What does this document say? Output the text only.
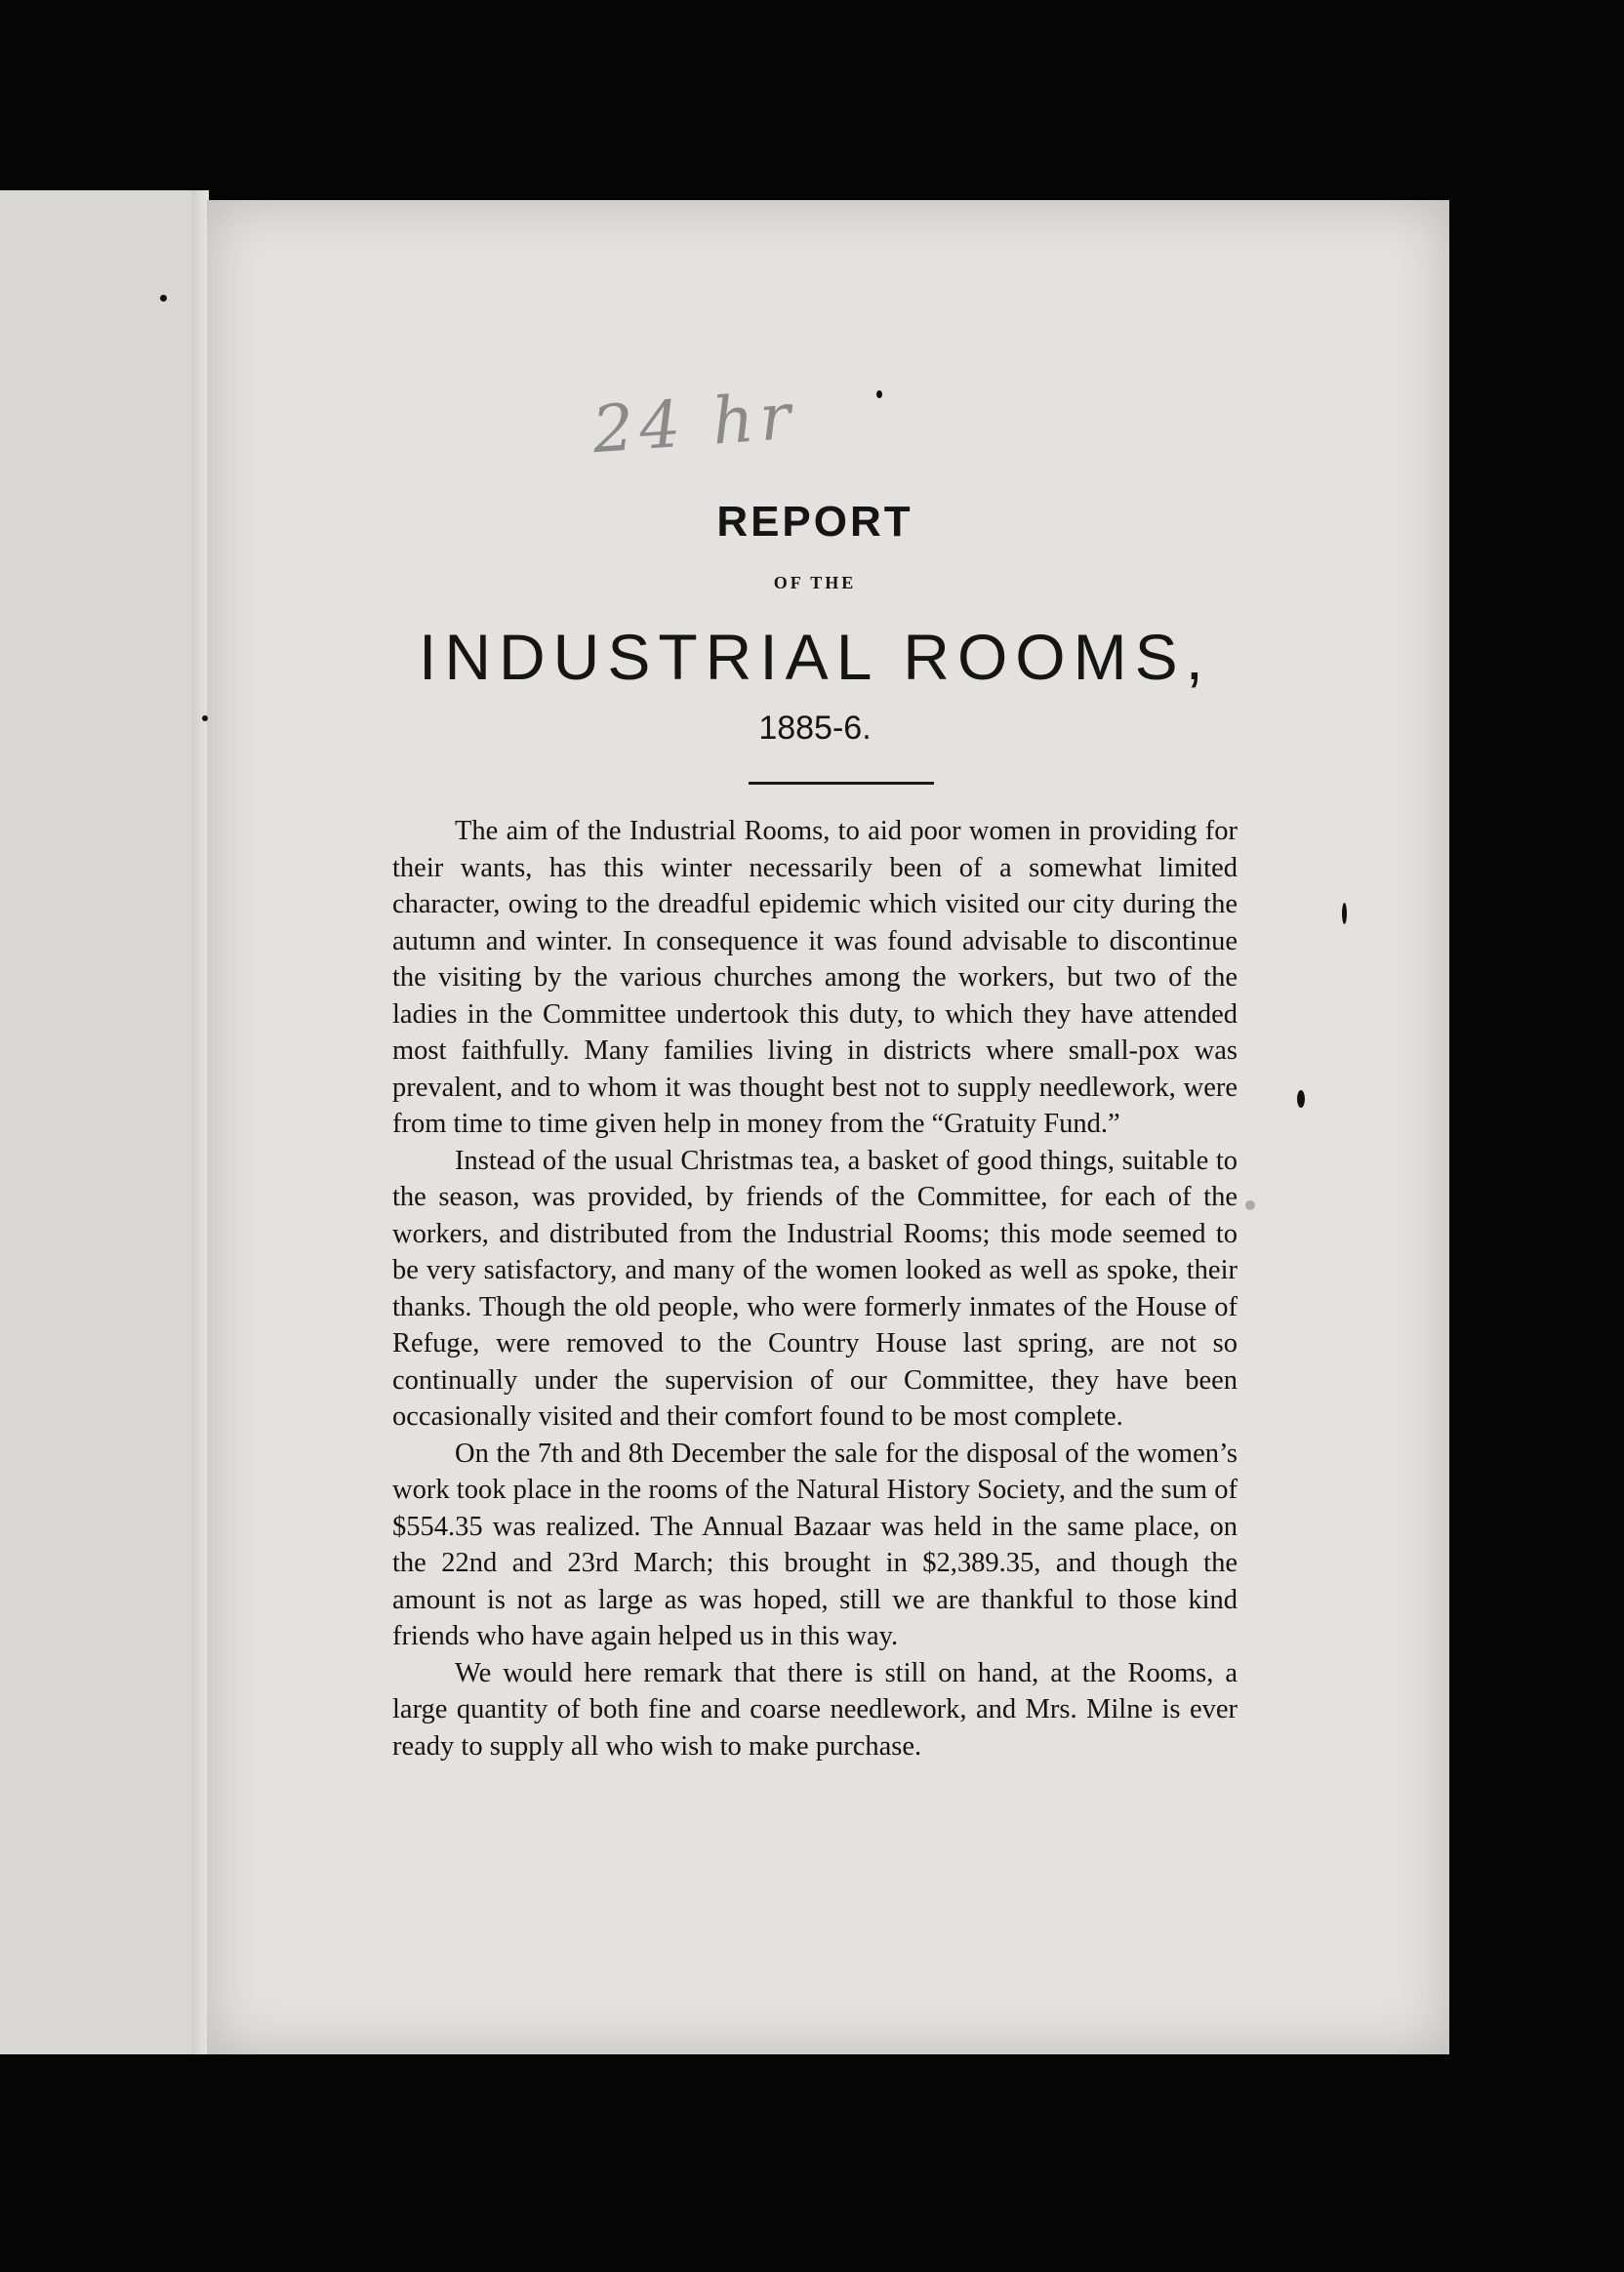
24 hr
REPORT
OF THE
INDUSTRIAL ROOMS,
1885-6.

The aim of the Industrial Rooms, to aid poor women in providing for their wants, has this winter necessarily been of a somewhat limited character, owing to the dreadful epidemic which visited our city during the autumn and winter. In consequence it was found advisable to discontinue the visiting by the various churches among the workers, but two of the ladies in the Committee undertook this duty, to which they have attended most faithfully. Many families living in districts where small-pox was prevalent, and to whom it was thought best not to supply needlework, were from time to time given help in money from the “Gratuity Fund.”

Instead of the usual Christmas tea, a basket of good things, suitable to the season, was provided, by friends of the Committee, for each of the workers, and distributed from the Industrial Rooms; this mode seemed to be very satisfactory, and many of the women looked as well as spoke, their thanks. Though the old people, who were formerly inmates of the House of Refuge, were removed to the Country House last spring, are not so continually under the supervision of our Committee, they have been occasionally visited and their comfort found to be most complete.

On the 7th and 8th December the sale for the disposal of the women’s work took place in the rooms of the Natural History Society, and the sum of $554.35 was realized. The Annual Bazaar was held in the same place, on the 22nd and 23rd March; this brought in $2,389.35, and though the amount is not as large as was hoped, still we are thankful to those kind friends who have again helped us in this way.

We would here remark that there is still on hand, at the Rooms, a large quantity of both fine and coarse needlework, and Mrs. Milne is ever ready to supply all who wish to make purchase.
